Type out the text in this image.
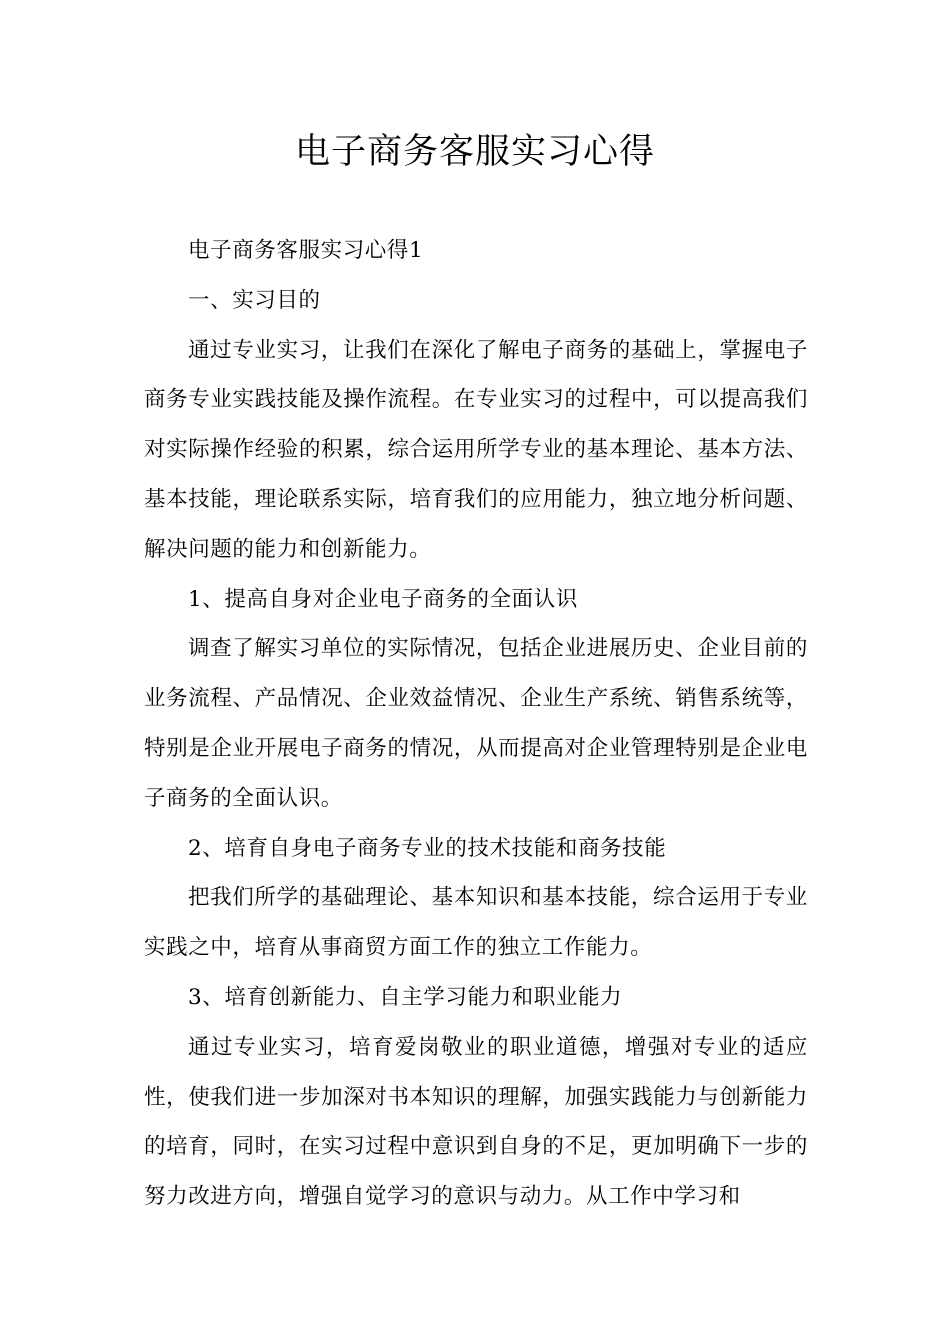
电子商务客服实习心得

电子商务客服实习心得1

一、实习目的

通过专业实习，让我们在深化了解电子商务的基础上，掌握电子商务专业实践技能及操作流程。在专业实习的过程中，可以提高我们对实际操作经验的积累，综合运用所学专业的基本理论、基本方法、基本技能，理论联系实际，培育我们的应用能力，独立地分析问题、解决问题的能力和创新能力。

1、提高自身对企业电子商务的全面认识

调查了解实习单位的实际情况，包括企业进展历史、企业目前的业务流程、产品情况、企业效益情况、企业生产系统、销售系统等，特别是企业开展电子商务的情况，从而提高对企业管理特别是企业电子商务的全面认识。

2、培育自身电子商务专业的技术技能和商务技能

把我们所学的基础理论、基本知识和基本技能，综合运用于专业实践之中，培育从事商贸方面工作的独立工作能力。

3、培育创新能力、自主学习能力和职业能力

通过专业实习，培育爱岗敬业的职业道德，增强对专业的适应性，使我们进一步加深对书本知识的理解，加强实践能力与创新能力的培育，同时，在实习过程中意识到自身的不足，更加明确下一步的努力改进方向，增强自觉学习的意识与动力。从工作中学习和
